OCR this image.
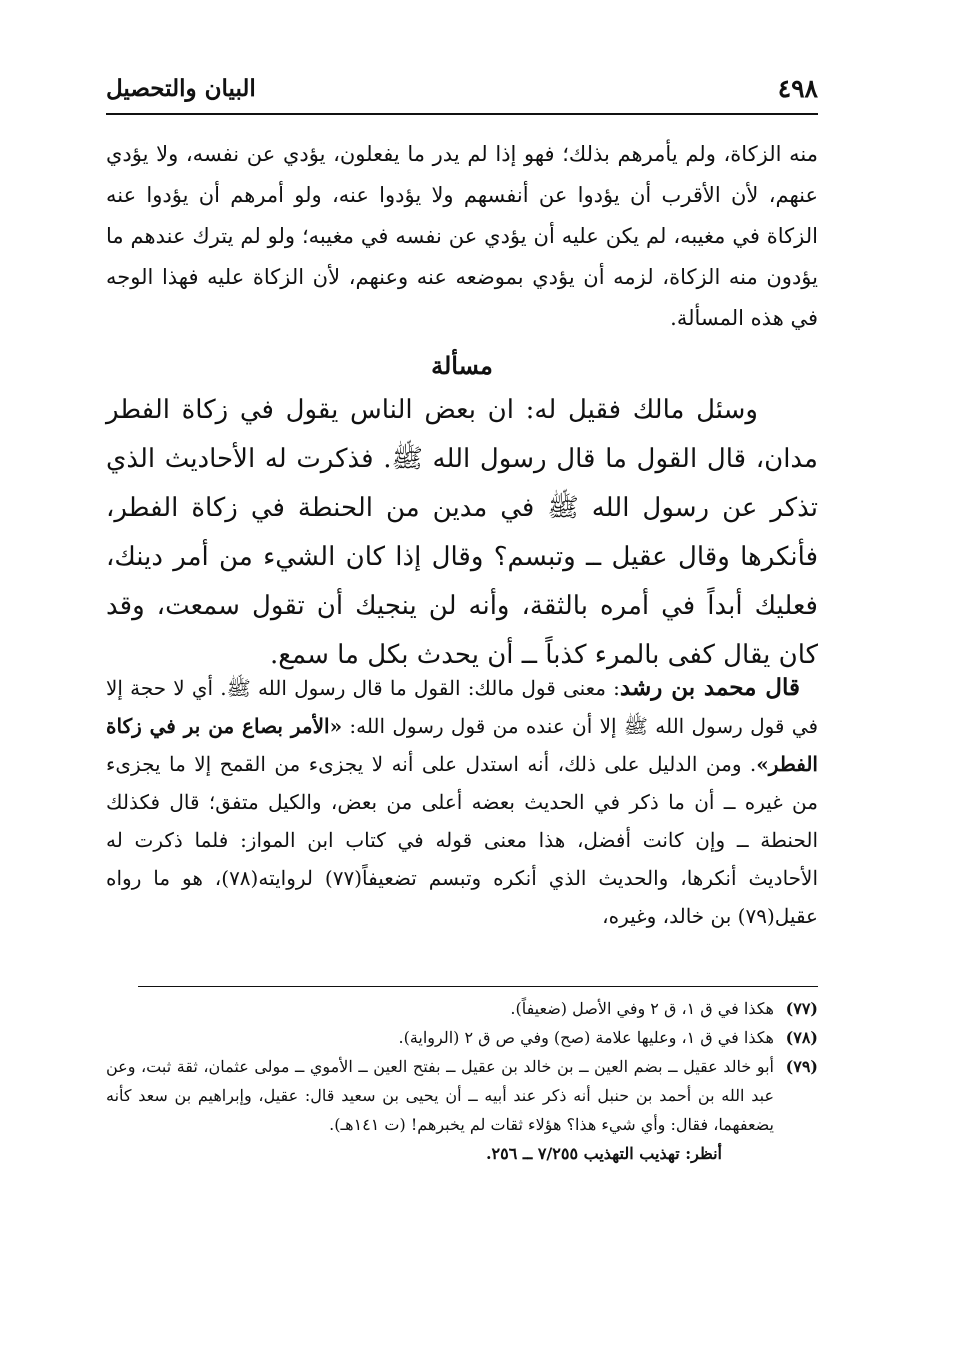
٤٩٨
البيان والتحصيل

منه الزكاة، ولم يأمرهم بذلك؛ فهو إذا لم يدر ما يفعلون، يؤدي عن نفسه، ولا يؤدي عنهم، لأن الأقرب أن يؤدوا عن أنفسهم ولا يؤدوا عنه، ولو أمرهم أن يؤدوا عنه الزكاة في مغيبه، لم يكن عليه أن يؤدي عن نفسه في مغيبه؛ ولو لم يترك عندهم ما يؤدون منه الزكاة، لزمه أن يؤدي بموضعه عنه وعنهم، لأن الزكاة عليه فهذا الوجه في هذه المسألة.

مسألة

وسئل مالك فقيل له: ان بعض الناس يقول في زكاة الفطر مدان، قال القول ما قال رسول الله ﷺ. فذكرت له الأحاديث الذي تذكر عن رسول الله ﷺ في مدين من الحنطة في زكاة الفطر، فأنكرها وقال عقيل ــ وتبسم؟ وقال إذا كان الشيء من أمر دينك، فعليك أبداً في أمره بالثقة، وأنه لن ينجيك أن تقول سمعت، وقد كان يقال كفى بالمرء كذباً ــ أن يحدث بكل ما سمع.

قال محمد بن رشد: معنى قول مالك: القول ما قال رسول الله ﷺ. أي لا حجة إلا في قول رسول الله ﷺ إلا أن عنده من قول رسول الله: «الأمر بصاع من بر في زكاة الفطر». ومن الدليل على ذلك، أنه استدل على أنه لا يجزىء من القمح إلا ما يجزىء من غيره ــ أن ما ذكر في الحديث بعضه أعلى من بعض، والكيل متفق؛ قال فكذلك الحنطة ــ وإن كانت أفضل، هذا معنى قوله في كتاب ابن المواز: فلما ذكرت له الأحاديث أنكرها، والحديث الذي أنكره وتبسم تضعيفاً(٧٧) لروايته(٧٨)، هو ما رواه عقيل(٧٩) بن خالد، وغيره،

(٧٧)
هكذا في ق ١، ق ٢ وفي الأصل (ضعيفاً).

(٧٨)
هكذا في ق ١، وعليها علامة (صح) وفي ص ق ٢ (الرواية).

(٧٩)
أبو خالد عقيل ــ بضم العين ــ بن خالد بن عقيل ــ بفتح العين ــ الأموي ــ مولى عثمان، ثقة ثبت، وعن عبد الله بن أحمد بن حنبل أنه ذكر عند أبيه ــ أن يحيى بن سعيد قال: عقيل، وإبراهيم بن سعد كأنه يضعفهما، فقال: وأي شيء هذا؟ هؤلاء ثقات لم يخبرهم! (ت ١٤١هـ).

أنظر: تهذيب التهذيب ٧/٢٥٥ ــ ٢٥٦.
